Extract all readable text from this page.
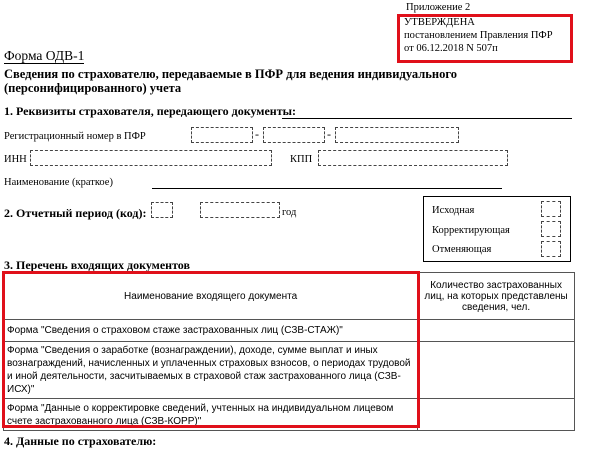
Приложение 2
УТВЕРЖДЕНА
постановлением Правления ПФР
от 06.12.2018 N 507п
Форма ОДВ-1
Сведения по страхователю, передаваемые в ПФР для ведения индивидуального
(персонифицированного) учета
1. Реквизиты страхователя, передающего документы:
Регистрационный номер в ПФР	-	-
ИНН	КПП
Наименование (краткое)
2. Отчетный период (код):	год	Исходная
Корректирующая
Отменяющая
3. Перечень входящих документов
Наименование входящего документа	Количество застрахованных лиц, на которых представлены сведения, чел.
Форма "Сведения о страховом стаже застрахованных лиц (СЗВ-СТАЖ)"	
Форма "Сведения о заработке (вознаграждении), доходе, сумме выплат и иных вознаграждений, начисленных и уплаченных страховых взносов, о периодах трудовой и иной деятельности, засчитываемых в страховой стаж застрахованного лица (СЗВ-ИСХ)"	
Форма "Данные о корректировке сведений, учтенных на индивидуальном лицевом счете застрахованного лица (СЗВ-КОРР)"	
4. Данные по страхователю:
